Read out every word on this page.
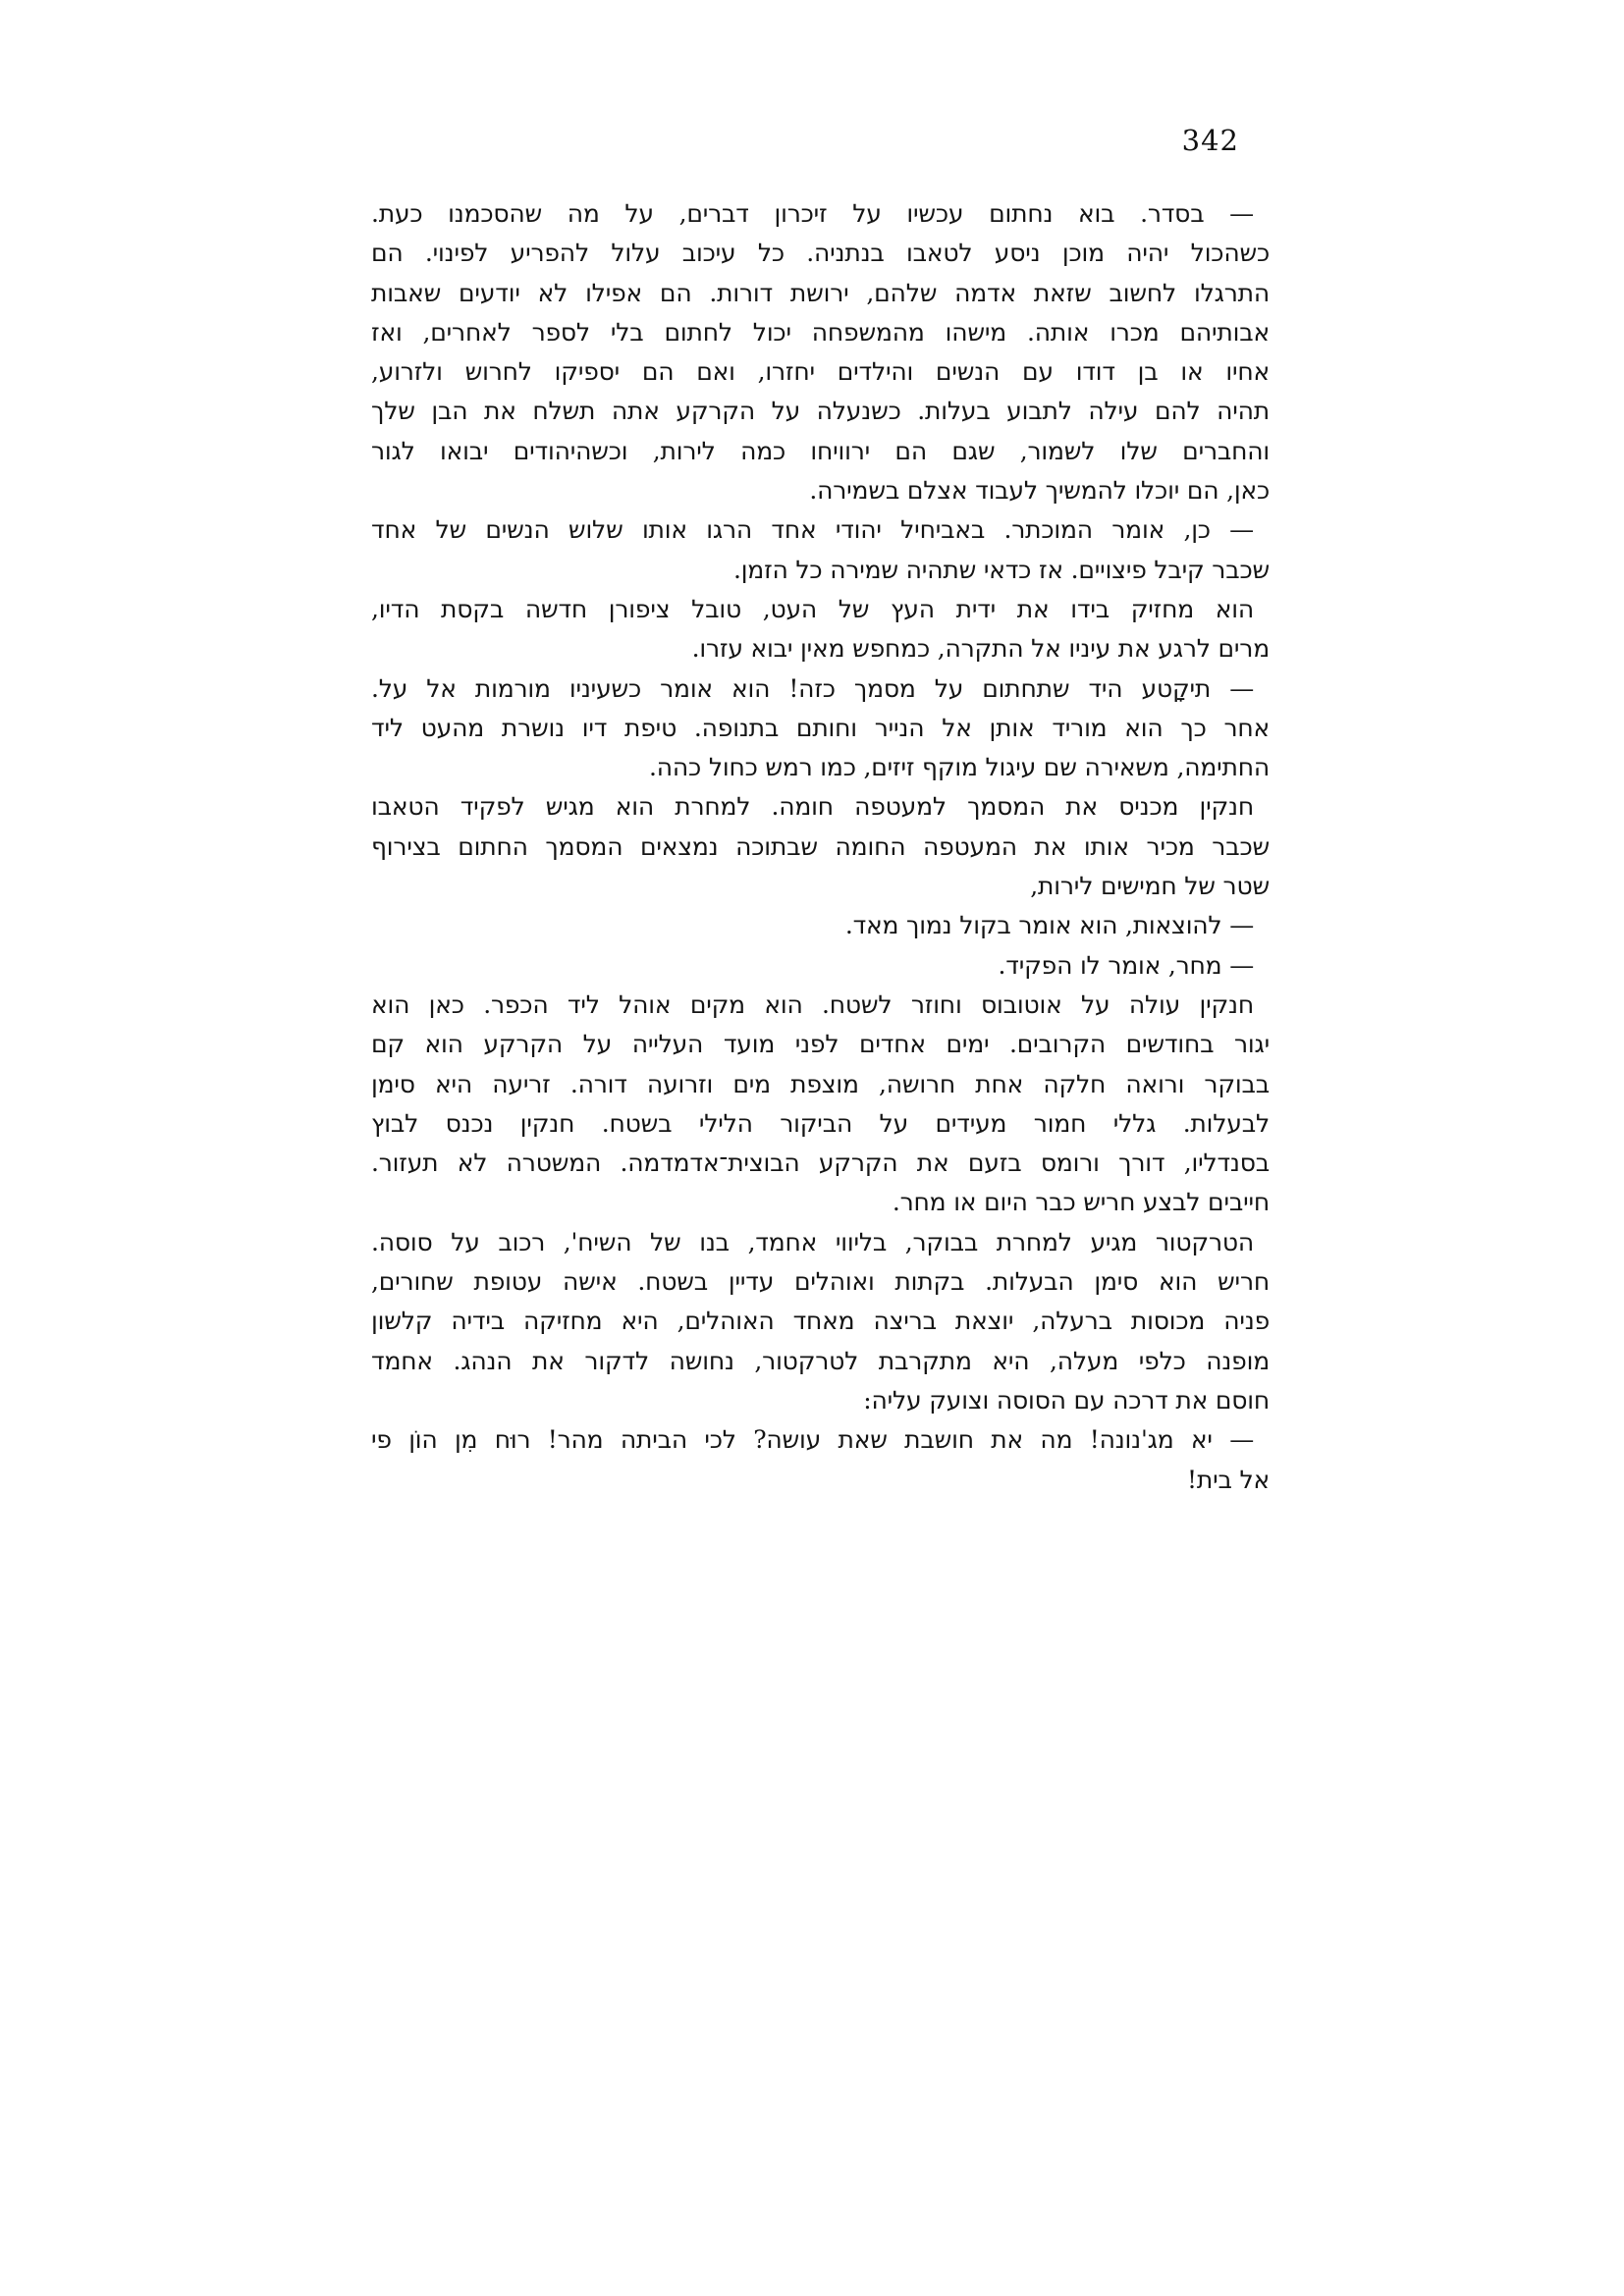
342
— בסדר. בוא נחתום עכשיו על זיכרון דברים, על מה שהסכמנו כעת.
כשהכול יהיה מוכן ניסע לטאבו בנתניה. כל עיכוב עלול להפריע לפינוי. הם
התרגלו לחשוב שזאת אדמה שלהם, ירושת דורות. הם אפילו לא יודעים שאבות
אבותיהם מכרו אותה. מישהו מהמשפחה יכול לחתום בלי לספר לאחרים, ואז
אחיו או בן דודו עם הנשים והילדים יחזרו, ואם הם יספיקו לחרוש ולזרוע,
תהיה להם עילה לתבוע בעלות. כשנעלה על הקרקע אתה תשלח את הבן שלך
והחברים שלו לשמור, שגם הם ירוויחו כמה לירות, וכשהיהודים יבואו לגור
כאן, הם יוכלו להמשיך לעבוד אצלם בשמירה.
— כן, אומר המוכתר. באביחיל יהודי אחד הרגו אותו שלוש הנשים של אחד
שכבר קיבל פיצויים. אז כדאי שתהיה שמירה כל הזמן.
הוא מחזיק בידו את ידית העץ של העט, טובל ציפורן חדשה בקסת הדיו,
מרים לרגע את עיניו אל התקרה, כמחפש מאין יבוא עזרו.
— תיקָטע היד שתחתום על מסמך כזה! הוא אומר כשעיניו מורמות אל על.
אחר כך הוא מוריד אותן אל הנייר וחותם בתנופה. טיפת דיו נושרת מהעט ליד
החתימה, משאירה שם עיגול מוקף זיזים, כמו רמש כחול כהה.
חנקין מכניס את המסמך למעטפה חומה. למחרת הוא מגיש לפקיד הטאבו
שכבר מכיר אותו את המעטפה החומה שבתוכה נמצאים המסמך החתום בצירוף
שטר של חמישים לירות,
— להוצאות, הוא אומר בקול נמוך מאד.
— מחר, אומר לו הפקיד.
חנקין עולה על אוטובוס וחוזר לשטח. הוא מקים אוהל ליד הכפר. כאן הוא
יגור בחודשים הקרובים. ימים אחדים לפני מועד העלייה על הקרקע הוא קם
בבוקר ורואה חלקה אחת חרושה, מוצפת מים וזרועה דורה. זריעה היא סימן
לבעלות. גללי חמור מעידים על הביקור הלילי בשטח. חנקין נכנס לבוץ
בסנדליו, דורך ורומס בזעם את הקרקע הבוצית־אדמדמה. המשטרה לא תעזור.
חייבים לבצע חריש כבר היום או מחר.
הטרקטור מגיע למחרת בבוקר, בליווי אחמד, בנו של השיח', רכוב על סוסה.
חריש הוא סימן הבעלות. בקתות ואוהלים עדיין בשטח. אישה עטופת שחורים,
פניה מכוסות ברעלה, יוצאת בריצה מאחד האוהלים, היא מחזיקה בידיה קלשון
מופנה כלפי מעלה, היא מתקרבת לטרקטור, נחושה לדקור את הנהג. אחמד
חוסם את דרכה עם הסוסה וצועק עליה:
— יא מג'נונה! מה את חושבת שאת עושה? לכי הביתה מהר! רוּח מִן הוֹן פי
אל בית!
